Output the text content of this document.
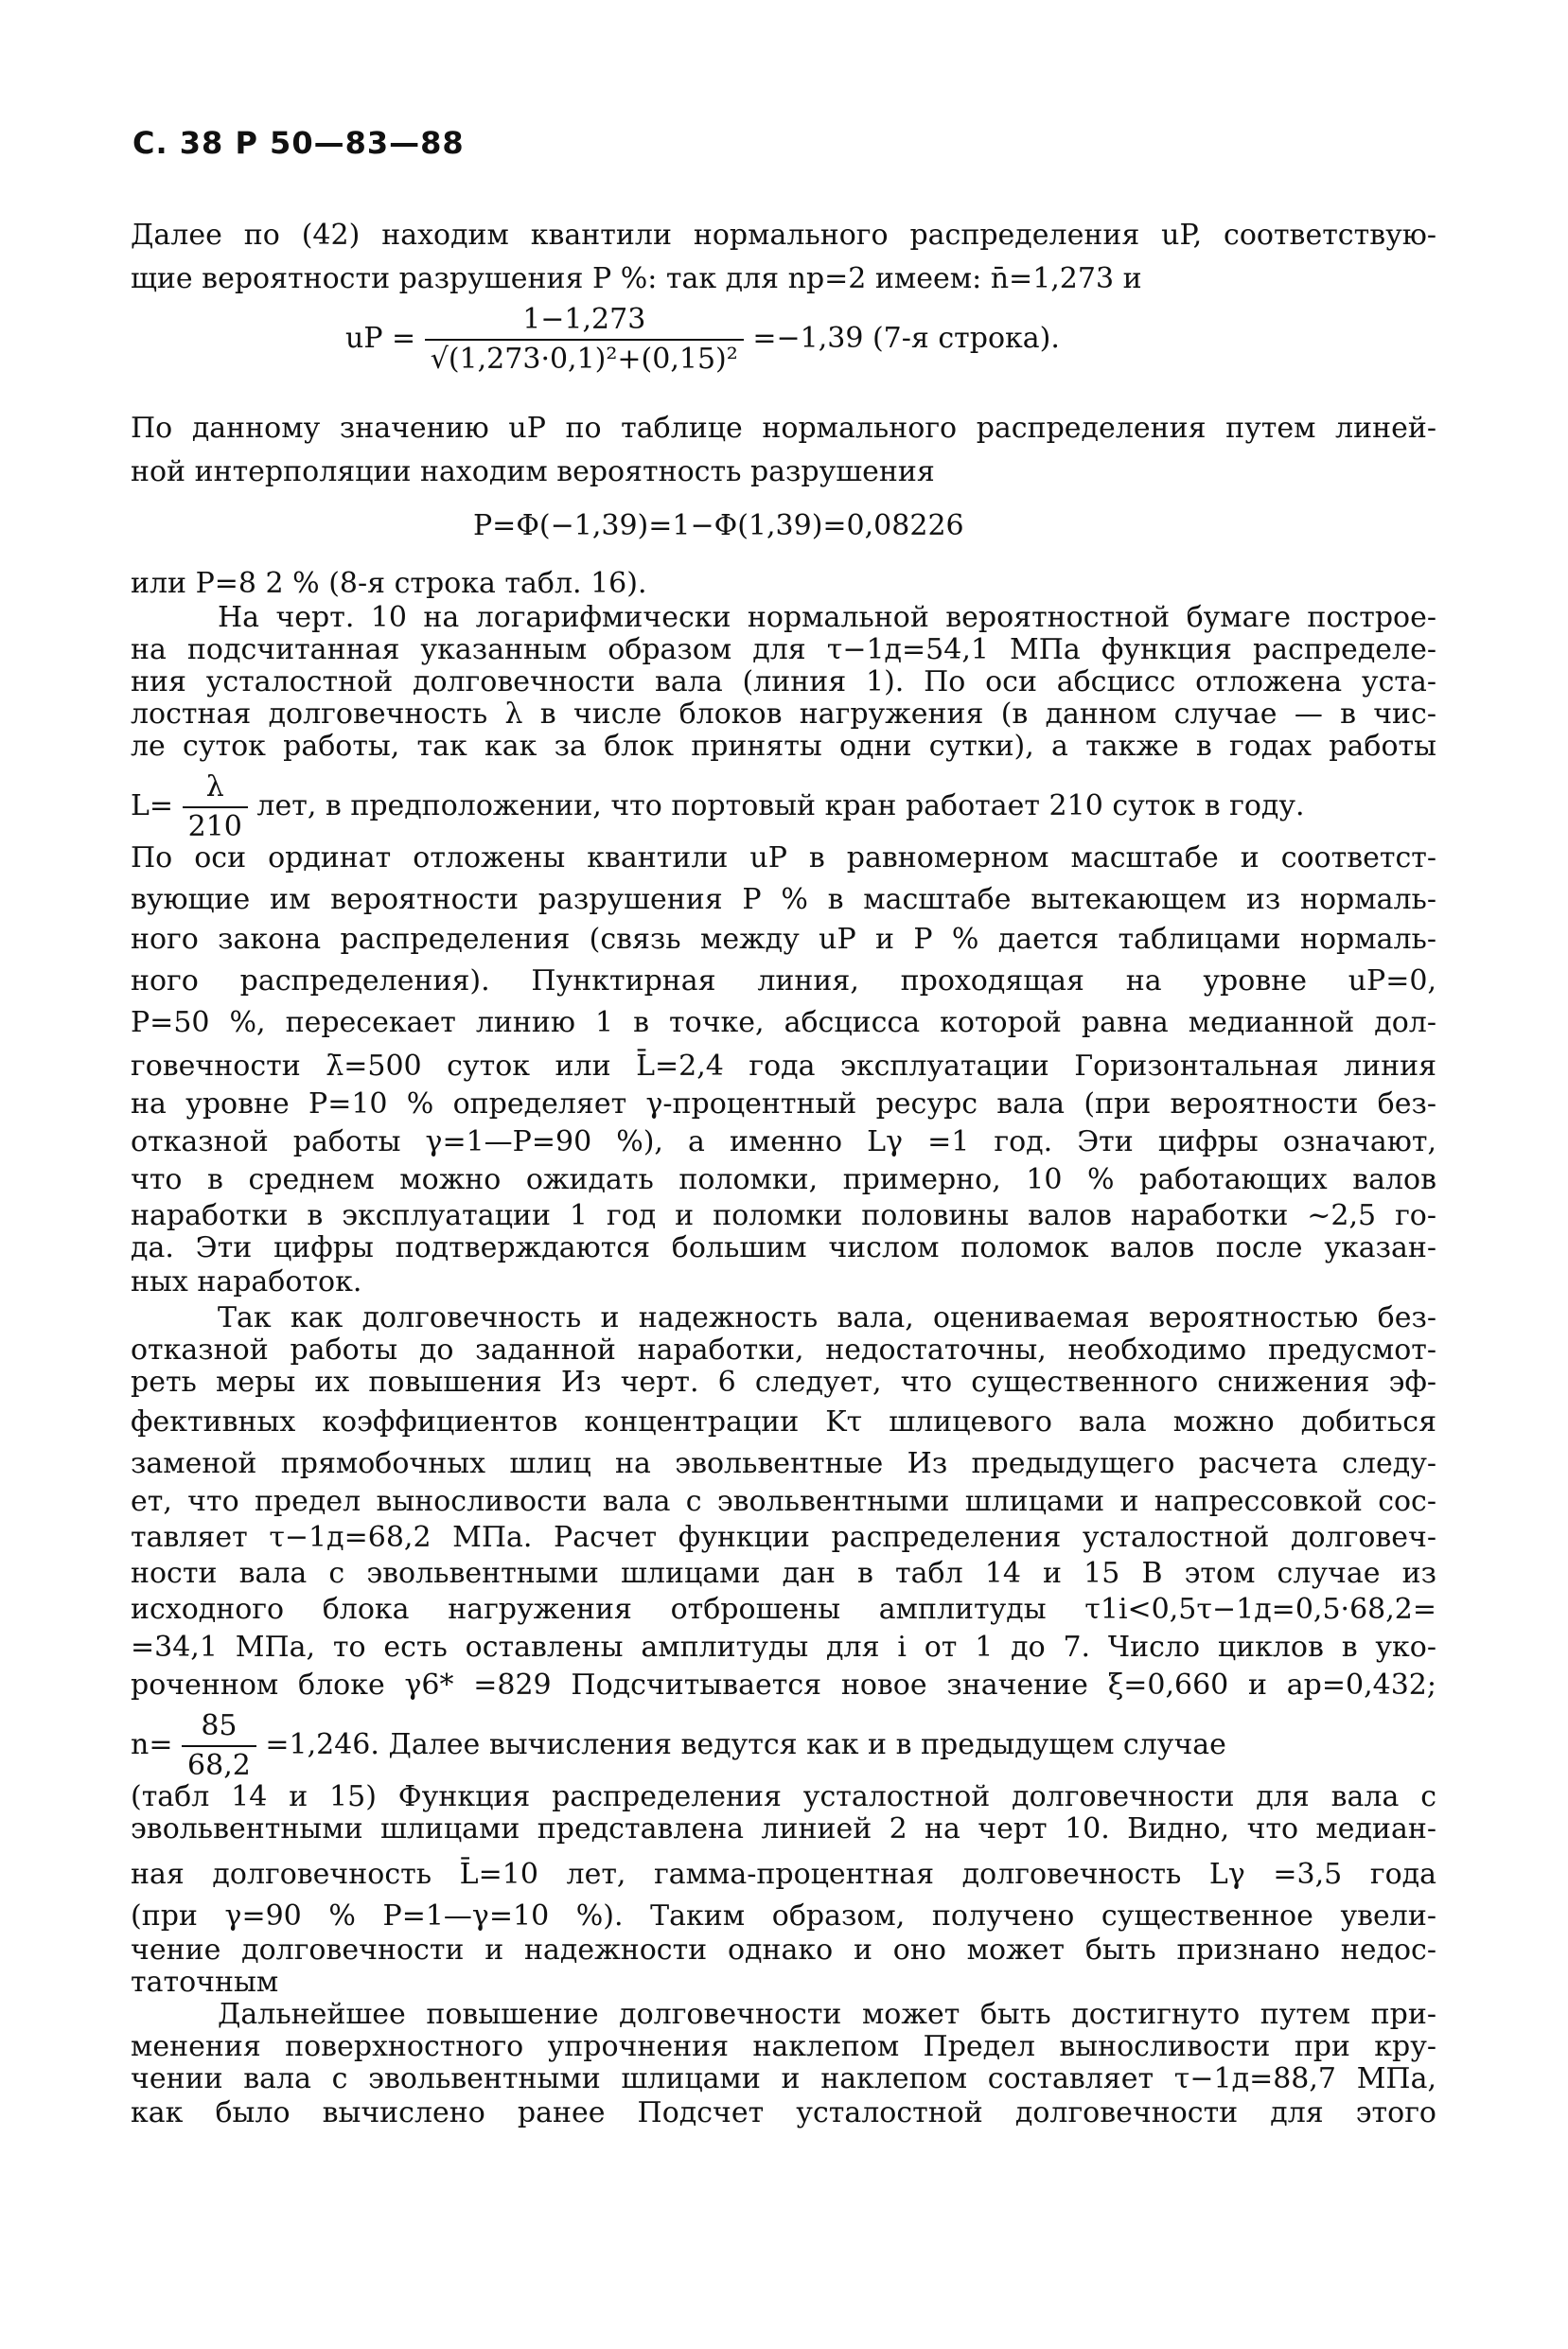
С. 38 Р 50—83—88
Далее по (42) находим квантили нормального распределения uP, соответствую-
щие вероятности разрушения P %: так для nр=2 имеем: n̄=1,273 и
uP = $\frac{1-1,273}{\text{√(1,273·0,1)²+(0,15)²}} =-1,39$ (7-я строка).
По данному значению uP по таблице нормального распределения путем линей-
ной интерполяции находим вероятность разрушения
P=Φ(−1,39)=1−Φ(1,39)=0,08226
или P=8 2 % (8-я строка табл. 16).
На черт. 10 на логарифмически нормальной вероятностной бумаге построе-
на подсчитанная указанным образом для τ−1д=54,1 МПа функция распределе-
ния усталостной долговечности вала (линия 1). По оси абсцисс отложена уста-
лостная долговечность λ в числе блоков нагружения (в данном случае — в чис-
ле суток работы, так как за блок приняты одни сутки), а также в годах работы
$L= \frac{\lambda}{210}$ лет, в предположении, что портовый кран работает 210 суток в году.
По оси ординат отложены квантили uP в равномерном масштабе и соответст-
вующие им вероятности разрушения P % в масштабе вытекающем из нормаль-
ного закона распределения (связь между uP и P % дается таблицами нормаль-
ного распределения). Пунктирная линия, проходящая на уровне uP=0,
P=50 %, пересекает линию 1 в точке, абсцисса которой равна медианной дол-
говечности λ̄=500 суток или L̄=2,4 года эксплуатации Горизонтальная линия
на уровне P=10 % определяет γ-процентный ресурс вала (при вероятности без-
отказной работы γ=1—P=90 %), а именно Lγ =1 год. Эти цифры означают,
что в среднем можно ожидать поломки, примерно, 10 % работающих валов
наработки в эксплуатации 1 год и поломки половины валов наработки ~2,5 го-
да. Эти цифры подтверждаются большим числом поломок валов после указан-
ных наработок.
Так как долговечность и надежность вала, оцениваемая вероятностью без-
отказной работы до заданной наработки, недостаточны, необходимо предусмот-
реть меры их повышения Из черт. 6 следует, что существенного снижения эф-
фективных коэффициентов концентрации Kτ шлицевого вала можно добиться
заменой прямобочных шлиц на эвольвентные Из предыдущего расчета следу-
ет, что предел выносливости вала с эвольвентными шлицами и напрессовкой сос-
тавляет τ−1д=68,2 МПа. Расчет функции распределения усталостной долговеч-
ности вала с эвольвентными шлицами дан в табл 14 и 15 В этом случае из
исходного блока нагружения отброшены амплитуды τ1i<0,5τ−1д=0,5·68,2=
=34,1 МПа, то есть оставлены амплитуды для i от 1 до 7. Число циклов в уко-
роченном блоке γ6* =829 Подсчитывается новое значение ξ=0,660 и aр=0,432;
$n= \frac{85}{68,2} =1,246$. Далее вычисления ведутся как и в предыдущем случае
(табл 14 и 15) Функция распределения усталостной долговечности для вала с
эвольвентными шлицами представлена линией 2 на черт 10. Видно, что медиан-
ная долговечность L̄=10 лет, гамма-процентная долговечность Lγ =3,5 года
(при γ=90 % P=1—γ=10 %). Таким образом, получено существенное увели-
чение долговечности и надежности однако и оно может быть признано недос-
таточным
Дальнейшее повышение долговечности может быть достигнуто путем при-
менения поверхностного упрочнения наклепом Предел выносливости при кру-
чении вала с эвольвентными шлицами и наклепом составляет τ−1д=88,7 МПа,
как было вычислено ранее Подсчет усталостной долговечности для этого
